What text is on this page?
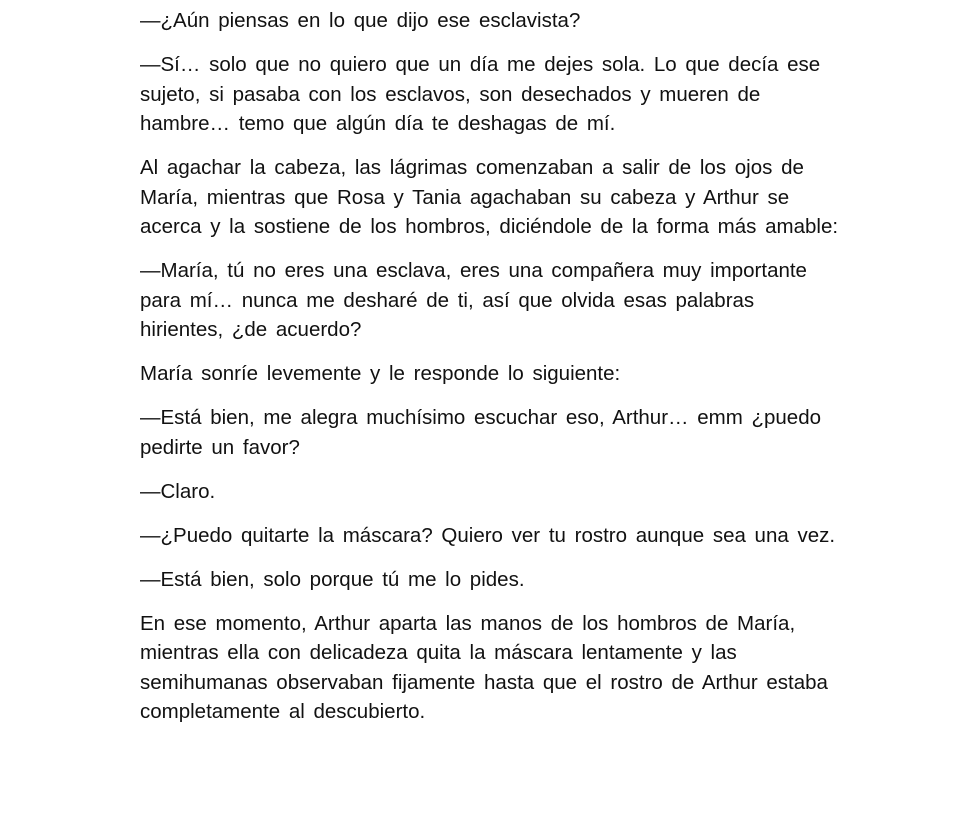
—¿Aún piensas en lo que dijo ese esclavista?

—Sí… solo que no quiero que un día me dejes sola. Lo que decía ese sujeto, si pasaba con los esclavos, son desechados y mueren de hambre… temo que algún día te deshagas de mí.

Al agachar la cabeza, las lágrimas comenzaban a salir de los ojos de María, mientras que Rosa y Tania agachaban su cabeza y Arthur se acerca y la sostiene de los hombros, diciéndole de la forma más amable:

—María, tú no eres una esclava, eres una compañera muy importante para mí… nunca me desharé de ti, así que olvida esas palabras hirientes, ¿de acuerdo?

María sonríe levemente y le responde lo siguiente:

—Está bien, me alegra muchísimo escuchar eso, Arthur… emm ¿puedo pedirte un favor?

—Claro.

—¿Puedo quitarte la máscara? Quiero ver tu rostro aunque sea una vez.

—Está bien, solo porque tú me lo pides.

En ese momento, Arthur aparta las manos de los hombros de María, mientras ella con delicadeza quita la máscara lentamente y las semihumanas observaban fijamente hasta que el rostro de Arthur estaba completamente al descubierto.
